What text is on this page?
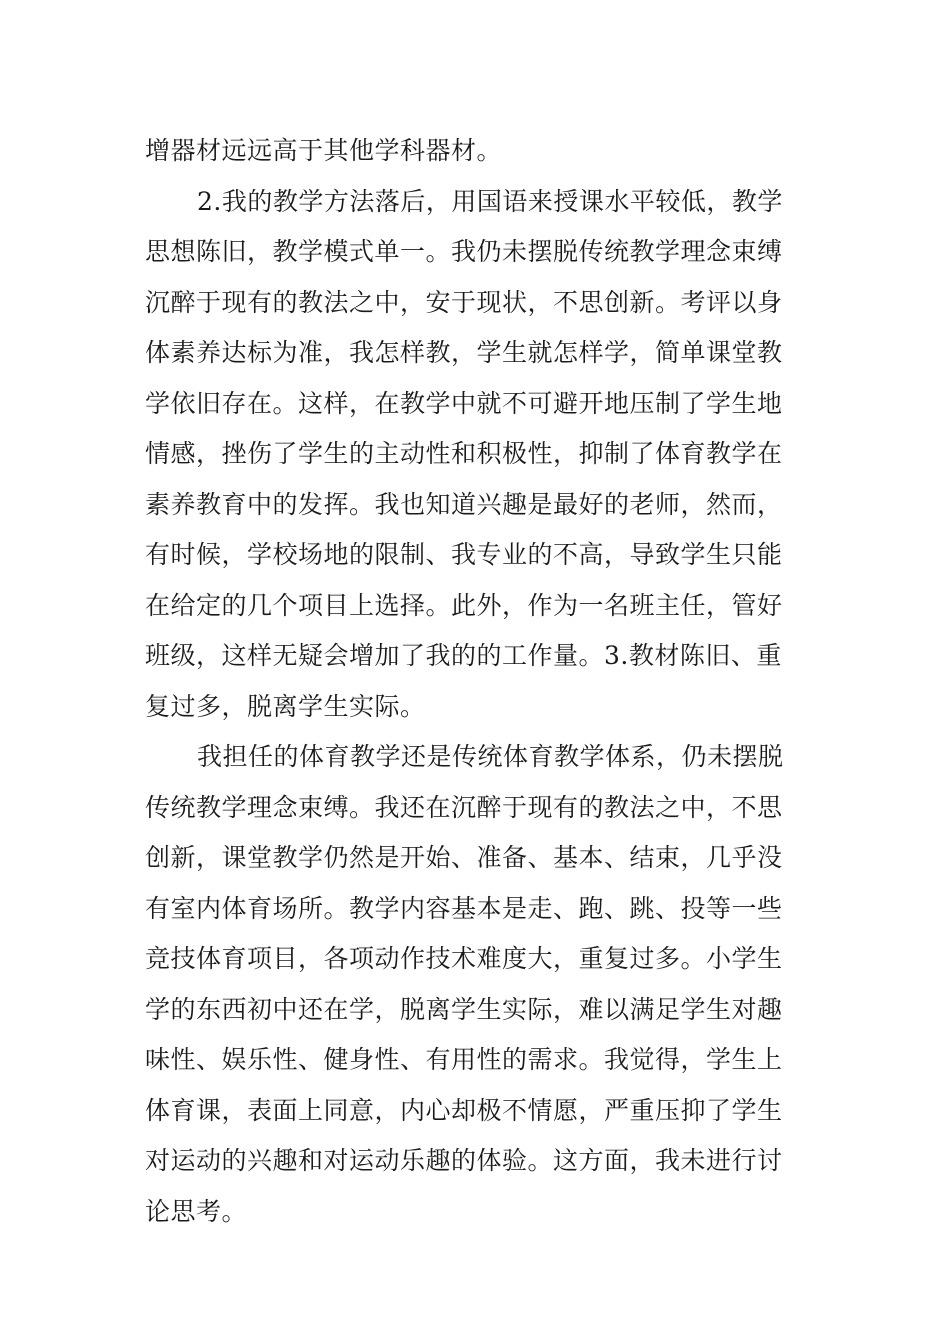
增器材远远高于其他学科器材。
2.我的教学方法落后，用国语来授课水平较低，教学
思想陈旧，教学模式单一。我仍未摆脱传统教学理念束缚
沉醉于现有的教法之中，安于现状，不思创新。考评以身
体素养达标为准，我怎样教，学生就怎样学，简单课堂教
学依旧存在。这样，在教学中就不可避开地压制了学生地
情感，挫伤了学生的主动性和积极性，抑制了体育教学在
素养教育中的发挥。我也知道兴趣是最好的老师，然而，
有时候，学校场地的限制、我专业的不高，导致学生只能
在给定的几个项目上选择。此外，作为一名班主任，管好
班级，这样无疑会增加了我的的工作量。3.教材陈旧、重
复过多，脱离学生实际。
我担任的体育教学还是传统体育教学体系，仍未摆脱
传统教学理念束缚。我还在沉醉于现有的教法之中，不思
创新，课堂教学仍然是开始、准备、基本、结束，几乎没
有室内体育场所。教学内容基本是走、跑、跳、投等一些
竞技体育项目，各项动作技术难度大，重复过多。小学生
学的东西初中还在学，脱离学生实际，难以满足学生对趣
味性、娱乐性、健身性、有用性的需求。我觉得，学生上
体育课，表面上同意，内心却极不情愿，严重压抑了学生
对运动的兴趣和对运动乐趣的体验。这方面，我未进行讨
论思考。
